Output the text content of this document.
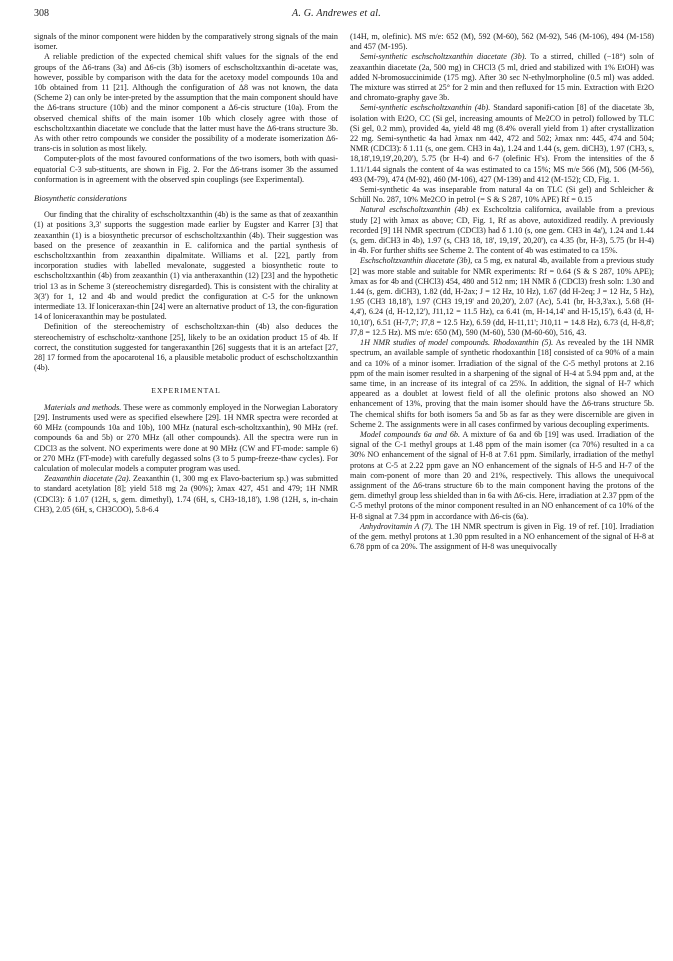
308	A. G. Andrewes et al.

signals of the minor component were hidden by the comparatively strong signals of the main isomer.

A reliable prediction of the expected chemical shift values for the signals of the end groups of the Δ6-trans (3a) and Δ6-cis (3b) isomers of eschscholtzxanthin di-acetate was, however, possible by comparison with the data for the acetoxy model compounds 10a and 10b obtained from 11 [21]. Although the configuration of Δ8 was not known, the data (Scheme 2) can only be inter-preted by the assumption that the main component should have the Δ6-trans structure (10b) and the minor component a Δ6-cis structure (10a). From the observed chemical shifts of the main isomer 10b which closely agree with those of eschscholtzxanthin diacetate we conclude that the latter must have the Δ6-trans structure 3b. As with other retro compounds we consider the possibility of a moderate isomerization Δ6-trans-cis in solution as most likely.

Computer-plots of the most favoured conformations of the two isomers, both with quasi-equatorial C-3 sub-stituents, are shown in Fig. 2. For the Δ6-trans isomer 3b the assumed conformation is in agreement with the observed spin couplings (see Experimental).

Biosynthetic considerations

Our finding that the chirality of eschscholtzxanthin (4b) is the same as that of zeaxanthin (1) at positions 3,3' supports the suggestion made earlier by Eugster and Karrer [3] that zeaxanthin (1) is a biosynthetic precursor of eschscholtzxanthin (4b). Their suggestion was based on the presence of zeaxanthin in E. californica and the partial synthesis of eschscholtzxanthin from zeaxanthin dipalmitate. Williams et al. [22], partly from incorporation studies with labelled mevalonate, suggested a biosynthetic route to eschscholtzxanthin (4b) from zeaxanthin (1) via antheraxanthin (12) [23] and the hypothetic triol 13 as in Scheme 3 (stereochemistry disregarded). This is consistent with the chirality at 3(3') for 1, 12 and 4b and would predict the configuration at C-5 for the unknown intermediate 13. If loniceraxan-thin [24] were an alternative product of 13, the con-figuration 14 of loniceraxanthin may be postulated.

Definition of the stereochemistry of eschscholtzxan-thin (4b) also deduces the stereochemistry of eschscholtz-xanthone [25], likely to be an oxidation product 15 of 4b. If correct, the constitution suggested for tangeraxanthin [26] suggests that it is an artefact [27, 28] 17 formed from the apocarotenal 16, a plausible metabolic product of eschscholtzxanthin (4b).

EXPERIMENTAL

Materials and methods. These were as commonly employed in the Norwegian Laboratory [29]. Instruments used were as specified elsewhere [29]. 1H NMR spectra were recorded at 60 MHz (compounds 10a and 10b), 100 MHz (natural esch-scholtzxanthin), 90 MHz (ref. compounds 6a and 5b) or 270 MHz (all other compounds). All the spectra were run in CDCl3 as the solvent. NO experiments were done at 90 MHz (CW and FT-mode: sample 6) or 270 MHz (FT-mode) with carefully degassed solns (3 to 5 pump-freeze-thaw cycles). For calculation of molecular models a computer program was used.

Zeaxanthin diacetate (2a). Zeaxanthin (1, 300 mg ex Flavo-bacterium sp.) was submitted to standard acetylation [8]; yield 518 mg 2a (90%); λmax 427, 451 and 479; 1H NMR (CDCl3): δ 1.07 (12H, s, gem. dimethyl), 1.74 (6H, s, CH3-18,18'), 1.98 (12H, s, in-chain CH3), 2.05 (6H, s, CH3COO), 5.8-6.4

(14H, m, olefinic). MS m/e: 652 (M), 592 (M-60), 562 (M-92), 546 (M-106), 494 (M-158) and 457 (M-195).

Semi-synthetic eschscholtzxanthin diacetate (3b). To a stirred, chilled (−18°) soln of zeaxanthin diacetate (2a, 500 mg) in CHCl3 (5 ml, dried and stabilized with 1% EtOH) was added N-bromosuccinimide (175 mg). After 30 sec N-ethylmorpholine (0.5 ml) was added. The mixture was stirred at 25° for 2 min and then refluxed for 15 min. Extraction with Et2O and chromato-graphy gave 3b.

Semi-synthetic eschscholtzxanthin (4b). Standard saponifi-cation [8] of the diacetate 3b, isolation with Et2O, CC (Si gel, increasing amounts of Me2CO in petrol) followed by TLC (Si gel, 0.2 mm), provided 4a, yield 48 mg (8.4% overall yield from 1) after crystallization 22 mg. Semi-synthetic 4a had λmax nm 442, 472 and 502; λmax nm: 445, 474 and 504; NMR (CDCl3): δ 1.11 (s, one gem. CH3 in 4a), 1.24 and 1.44 (s, gem. diCH3), 1.97 (CH3, s, 18,18',19,19',20,20'), 5.75 (br H-4) and 6-7 (olefinic H's). From the intensities of the δ 1.11/1.44 signals the content of 4a was estimated to ca 15%; MS m/e 566 (M), 506 (M-56), 493 (M-79), 474 (M-92), 460 (M-106), 427 (M-139) and 412 (M-152); CD, Fig. 1.

Semi-synthetic 4a was inseparable from natural 4a on TLC (Si gel) and Schleicher & Schüll No. 287, 10% Me2CO in petrol (= S & S 287, 10% APE) Rf = 0.15

Natural eschscholtzxanthin (4b) ex Eschcoltzia californica, available from a previous study [2] with λmax as above; CD, Fig. 1, Rf as above, autoxidized readily. A previously recorded [9] 1H NMR spectrum (CDCl3) had δ 1.10 (s, one gem. CH3 in 4a'), 1.24 and 1.44 (s, gem. diCH3 in 4b), 1.97 (s, CH3 18, 18', 19,19', 20,20'), ca 4.35 (br, H-3), 5.75 (br H-4) in 4b. For further shifts see Scheme 2. The content of 4b was estimated to ca 15%.

Eschscholtzxanthin diacetate (3b), ca 5 mg, ex natural 4b, available from a previous study [2] was more stable and suitable for NMR experiments: Rf = 0.64 (S & S 287, 10% APE); λmax as for 4b and (CHCl3) 454, 480 and 512 nm; 1H NMR δ (CDCl3) fresh soln: 1.30 and 1.44 (s, gem. diCH3), 1.82 (dd, H-2ax; J = 12 Hz, 10 Hz), 1.67 (dd H-2eq; J = 12 Hz, 5 Hz), 1.95 (CH3 18,18'), 1.97 (CH3 19,19' and 20,20'), 2.07 (Ac), 5.41 (br, H-3,3'ax.), 5.68 (H-4,4'), 6.24 (d, H-12,12'), J11,12 = 11.5 Hz), ca 6.41 (m, H-14,14' and H-15,15'), 6.43 (d, H-10,10'), 6.51 (H-7,7'; J7,8 = 12.5 Hz), 6.59 (dd, H-11,11'; J10,11 = 14.8 Hz), 6.73 (d, H-8,8'; J7,8 = 12.5 Hz). MS m/e: 650 (M), 590 (M-60), 530 (M-60-60), 516, 43.

1H NMR studies of model compounds. Rhodoxanthin (5). As revealed by the 1H NMR spectrum, an available sample of synthetic rhodoxanthin [18] consisted of ca 90% of a main and ca 10% of a minor isomer. Irradiation of the signal of the C-5 methyl protons at 2.16 ppm of the main isomer resulted in a sharpening of the signal of H-4 at 5.94 ppm and, at the same time, in an increase of its integral of ca 25%. In addition, the signal of H-7 which appeared as a doublet at lowest field of all the olefinic protons also showed an NO enhancement of 13%, proving that the main isomer should have the Δ6-trans structure 5b. The chemical shifts for both isomers 5a and 5b as far as they were discernible are given in Scheme 2. The assignments were in all cases confirmed by various decoupling experiments.

Model compounds 6a and 6b. A mixture of 6a and 6b [19] was used. Irradiation of the signal of the C-1 methyl groups at 1.48 ppm of the main isomer (ca 70%) resulted in a ca 30% NO enhancement of the signal of H-8 at 7.61 ppm. Similarly, irradiation of the methyl protons at C-5 at 2.22 ppm gave an NO enhancement of the signals of H-5 and H-7 of the main com-ponent of more than 20 and 21%, respectively. This allows the unequivocal assignment of the Δ6-trans structure 6b to the main component having the protons of the gem. dimethyl group less shielded than in 6a with Δ6-cis. Here, irradiation at 2.37 ppm of the C-5 methyl protons of the minor component resulted in an NO enhancement of ca 10% of the H-8 signal at 7.34 ppm in accordance with Δ6-cis (6a).

Anhydrovitamin A (7). The 1H NMR spectrum is given in Fig. 19 of ref. [10]. Irradiation of the gem. methyl protons at 1.30 ppm resulted in a NO enhancement of the signal of H-8 at 6.78 ppm of ca 20%. The assignment of H-8 was unequivocally
